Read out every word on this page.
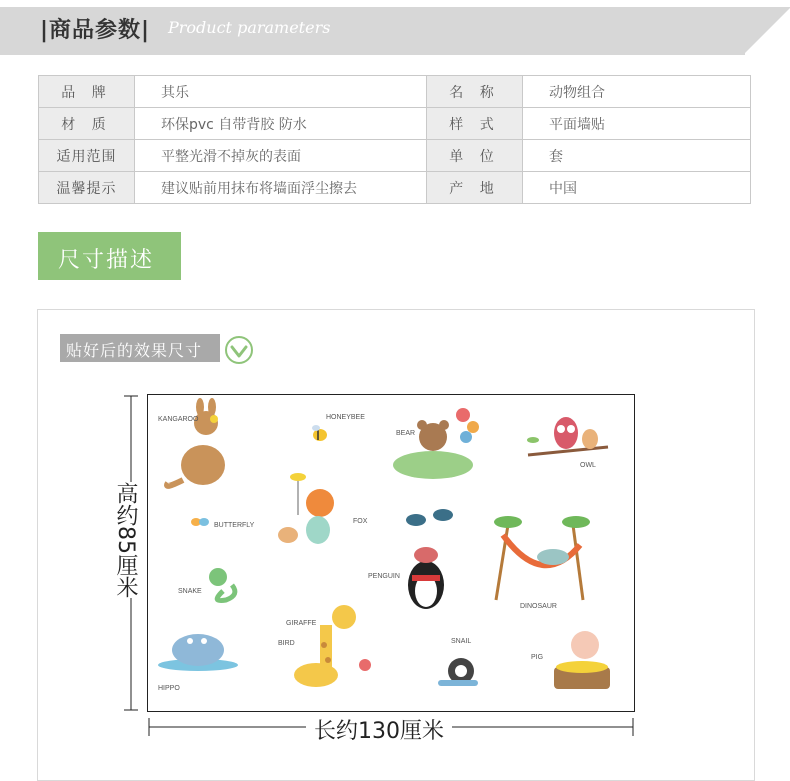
|商品参数| Product parameters
品 牌	其乐	名 称	动物组合
材 质	环保pvc 自带背胶 防水	样 式	平面墙贴
适用范围	平整光滑不掉灰的表面	单 位	套
温馨提示	建议贴前用抹布将墙面浮尘擦去	产 地	中国
尺寸描述
贴好后的效果尺寸
高约85厘米
长约130厘米
KANGAROO	HONEYBEE
BEAR
OWL
BUTTERFLY
FOX
PENGUIN
DINOSAUR
SNAKE
GIRAFFE
BIRD	SNAIL
PIG
HIPPO
